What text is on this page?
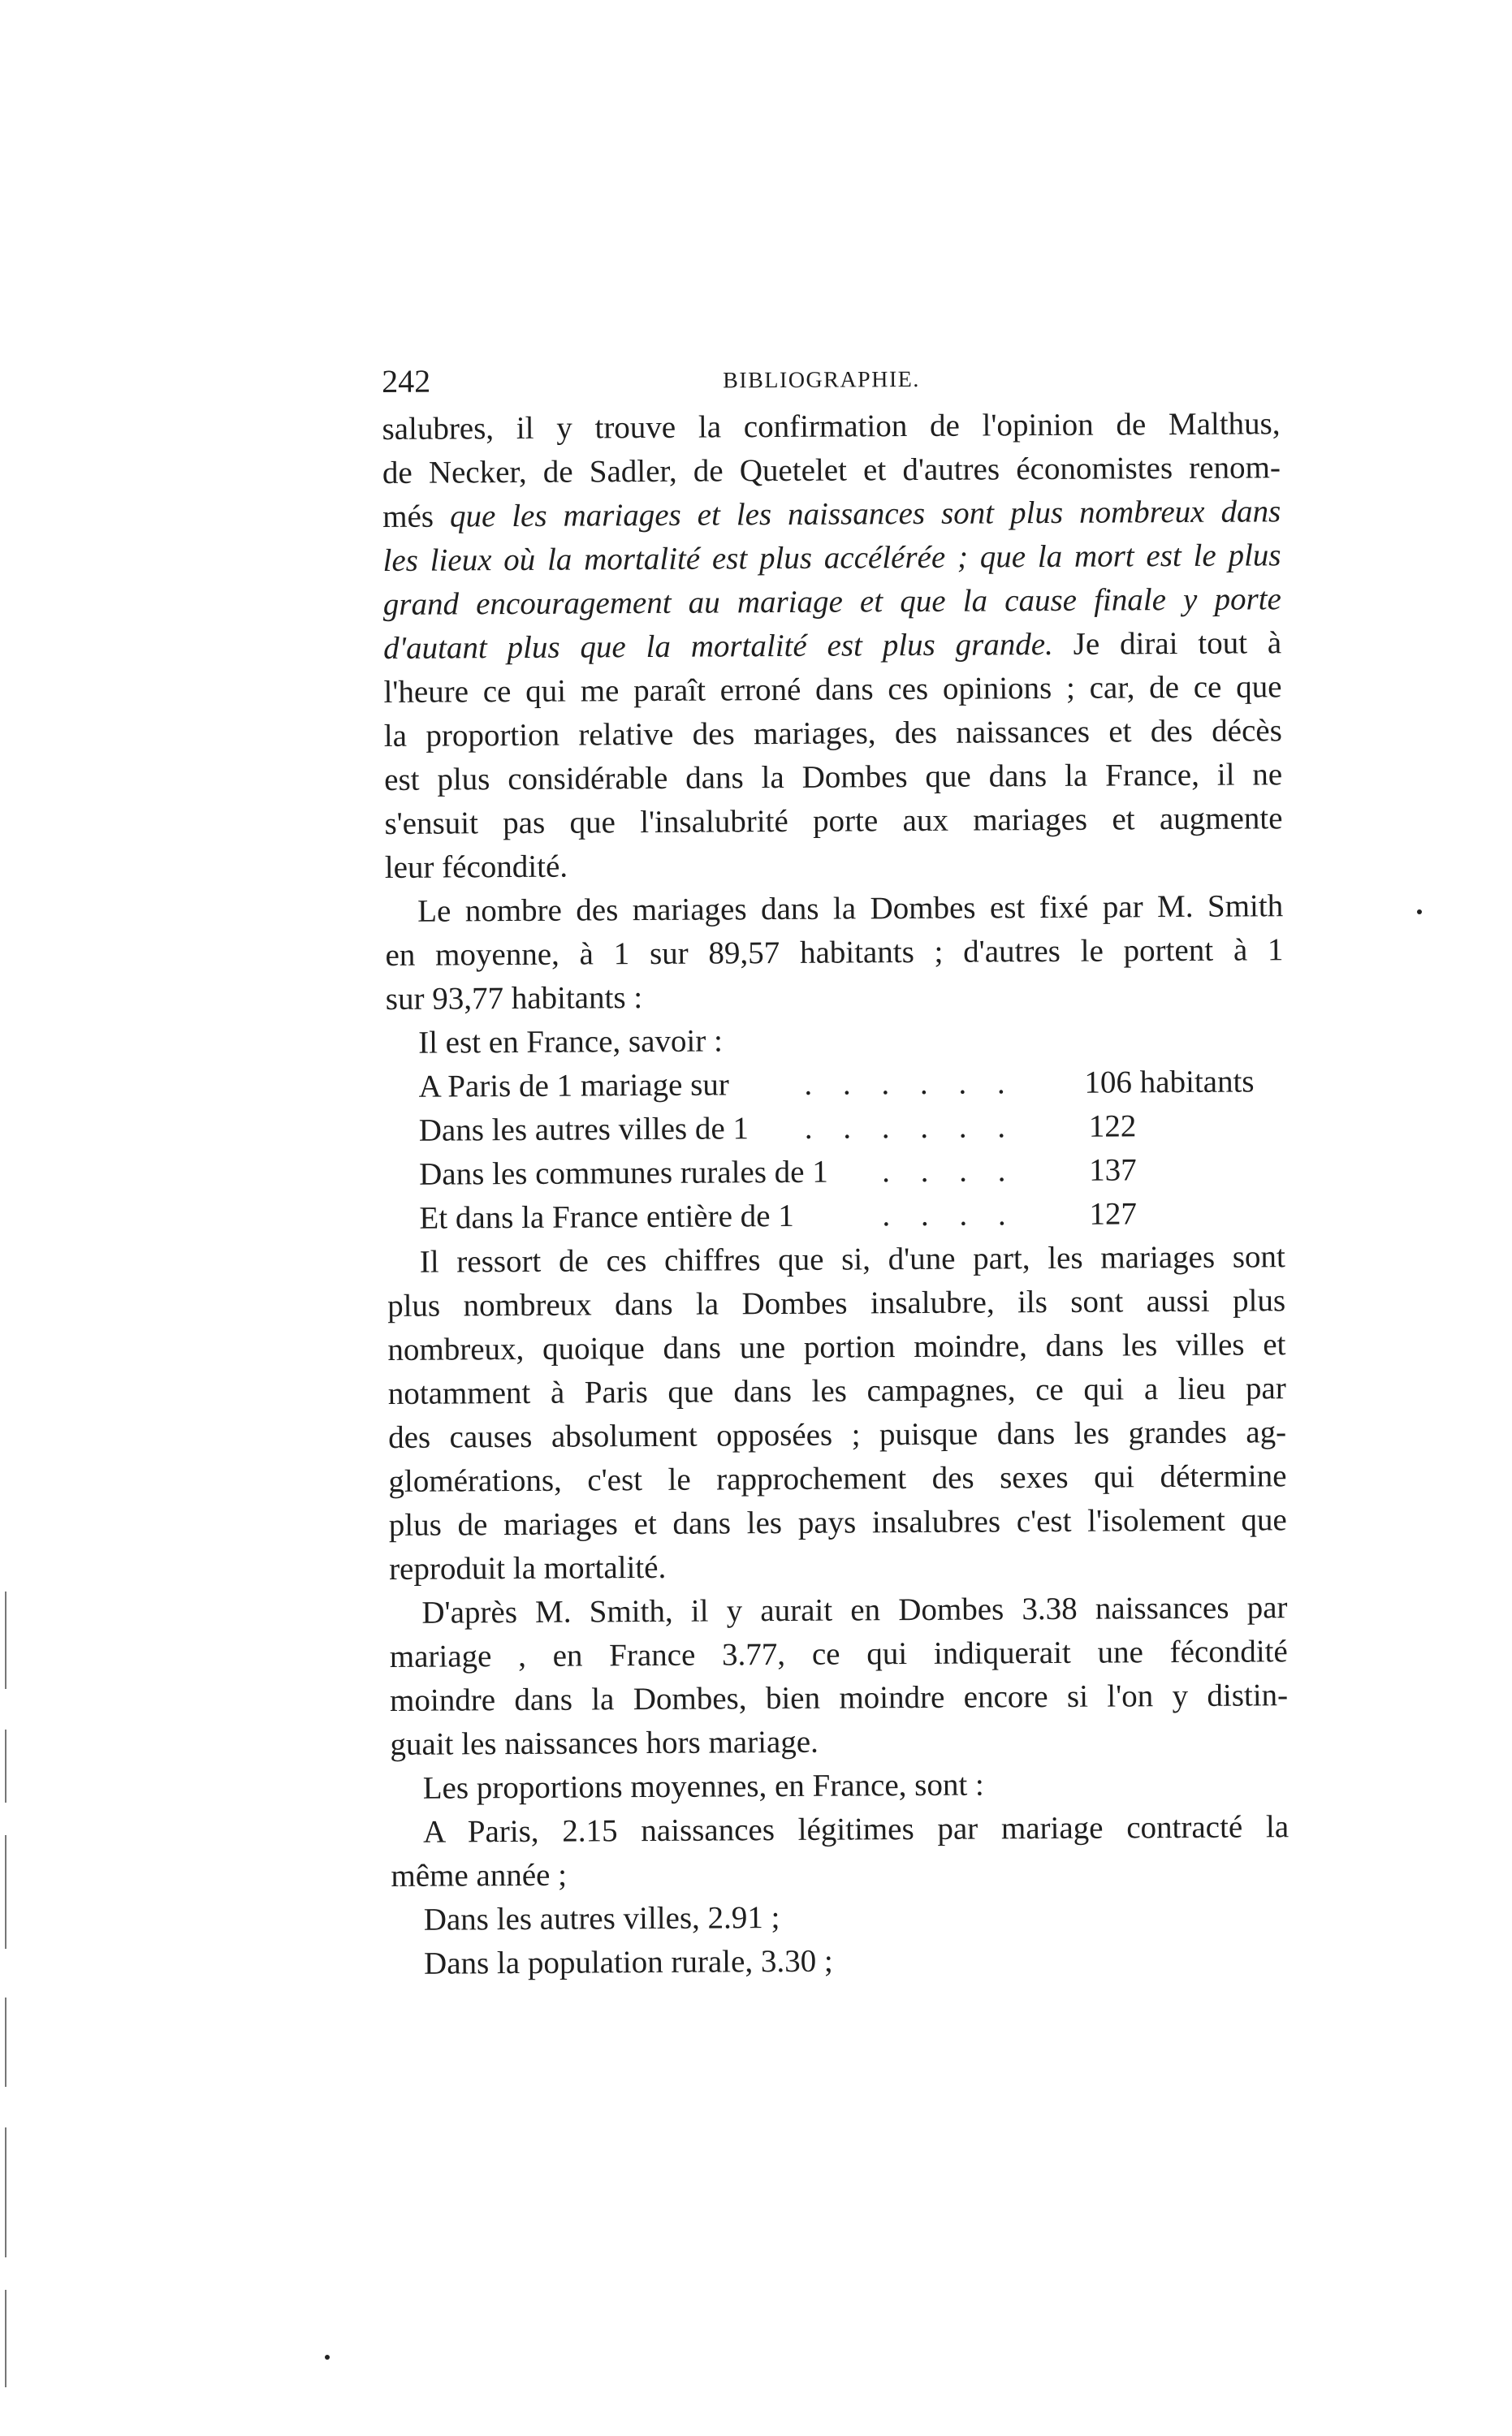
242	BIBLIOGRAPHIE.

salubres, il y trouve la confirmation de l'opinion de Malthus,
de Necker, de Sadler, de Quetelet et d'autres économistes renom-
més que les mariages et les naissances sont plus nombreux dans
les lieux où la mortalité est plus accélérée ; que la mort est le plus
grand encouragement au mariage et que la cause finale y porte
d'autant plus que la mortalité est plus grande. Je dirai tout à
l'heure ce qui me paraît erroné dans ces opinions ; car, de ce que
la proportion relative des mariages, des naissances et des décès
est plus considérable dans la Dombes que dans la France, il ne
s'ensuit pas que l'insalubrité porte aux mariages et augmente
leur fécondité.

Le nombre des mariages dans la Dombes est fixé par M. Smith
en moyenne, à 1 sur 89,57 habitants ; d'autres le portent à 1
sur 93,77 habitants :

Il est en France, savoir :

A Paris de 1 mariage sur . . . . . . 106 habitants
Dans les autres villes de 1 . . . . . . 122
Dans les communes rurales de 1 . . . . 137
Et dans la France entière de 1	. . . . 127

Il ressort de ces chiffres que si, d'une part, les mariages sont
plus nombreux dans la Dombes insalubre, ils sont aussi plus
nombreux, quoique dans une portion moindre, dans les villes et
notamment à Paris que dans les campagnes, ce qui a lieu par
des causes absolument opposées ; puisque dans les grandes ag-
glomérations, c'est le rapprochement des sexes qui détermine
plus de mariages et dans les pays insalubres c'est l'isolement que
reproduit la mortalité.

D'après M. Smith, il y aurait en Dombes 3.38 naissances par
mariage , en France 3.77, ce qui indiquerait une fécondité
moindre dans la Dombes, bien moindre encore si l'on y distin-
guait les naissances hors mariage.

Les proportions moyennes, en France, sont :

A Paris, 2.15 naissances légitimes par mariage contracté la
même année ;

Dans les autres villes, 2.91 ;

Dans la population rurale, 3.30 ;
